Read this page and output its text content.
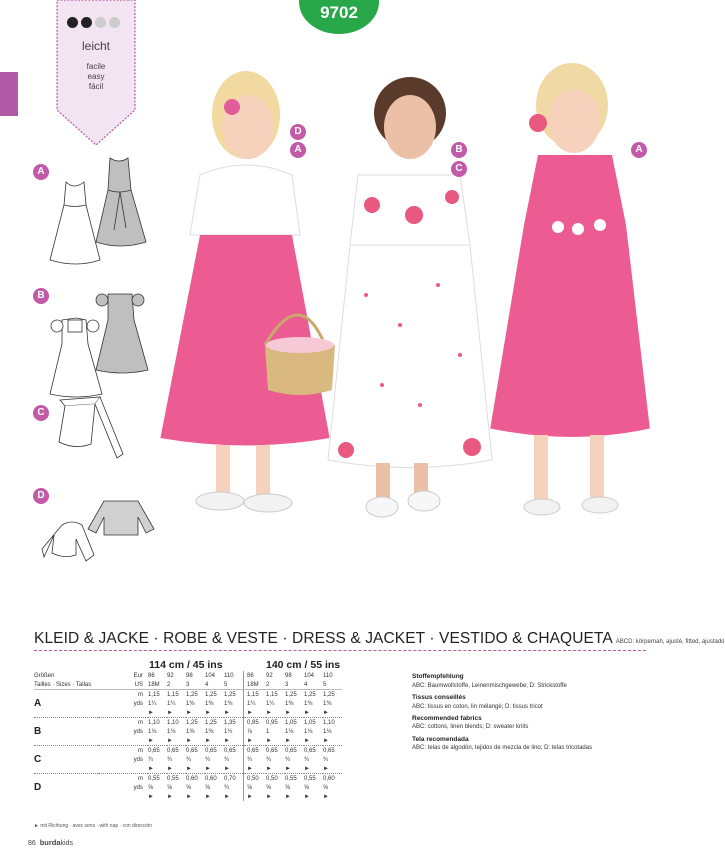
leicht
facile
easy
fácil
9702
A
B
C
D
D
A	B
C
A
KLEID & JACKE · ROBE & VESTE · DRESS & JACKET · VESTIDO & CHAQUETA ABCD: körpernah, ajusté, fitted, ajustado
114 cm / 45 ins	140 cm / 55 ins
Größen	Eur	86	92	98	104	110	86	92	98	104	110
Tailles · Sizes · Tallas	US	18M	2	3	4	5	18M	2	3	4	5
A	m	1,15	1,15	1,25	1,25	1,25	1,15	1,15	1,25	1,25	1,25
	yds	1¼	1¼	1⅜	1⅜	1⅜	1¼	1¼	1⅜	1⅜	1⅜
		►	►	►	►	►	►	►	►	►	►
B	m	1,10	1,10	1,25	1,25	1,35	0,85	0,95	1,05	1,05	1,10
	yds	1⅛	1⅛	1⅜	1⅜	1½	⅞	1	1⅛	1⅛	1⅛
		►	►	►	►	►	►	►	►	►	►
C	m	0,65	0,65	0,65	0,65	0,65	0,65	0,65	0,65	0,65	0,65
	yds	¾	¾	¾	¾	¾	¾	¾	¾	¾	¾
		►	►	►	►	►	►	►	►	►	►
D	m	0,55	0,55	0,60	0,60	0,70	0,50	0,50	0,55	0,55	0,60
	yds	⅝	⅝	⅝	⅝	¾	⅝	⅝	⅝	⅝	⅝
		►	►	►	►	►	►	►	►	►	►
Stoffempfehlung
ABC: Baumwollstoffe, Leinenmischgewebe; D: Strickstoffe
Tissus conseillés
ABC: tissus en coton, lin mélangé; D: tissus tricot
Recommended fabrics
ABC: cottons, linen blends; D: sweater knits
Tela recomendada
ABC: telas de algodón, tejidos de mezcla de lino; D: telas tricotadas
► mit Richtung · avec sens · with nap · con dirección
86 burdakids
